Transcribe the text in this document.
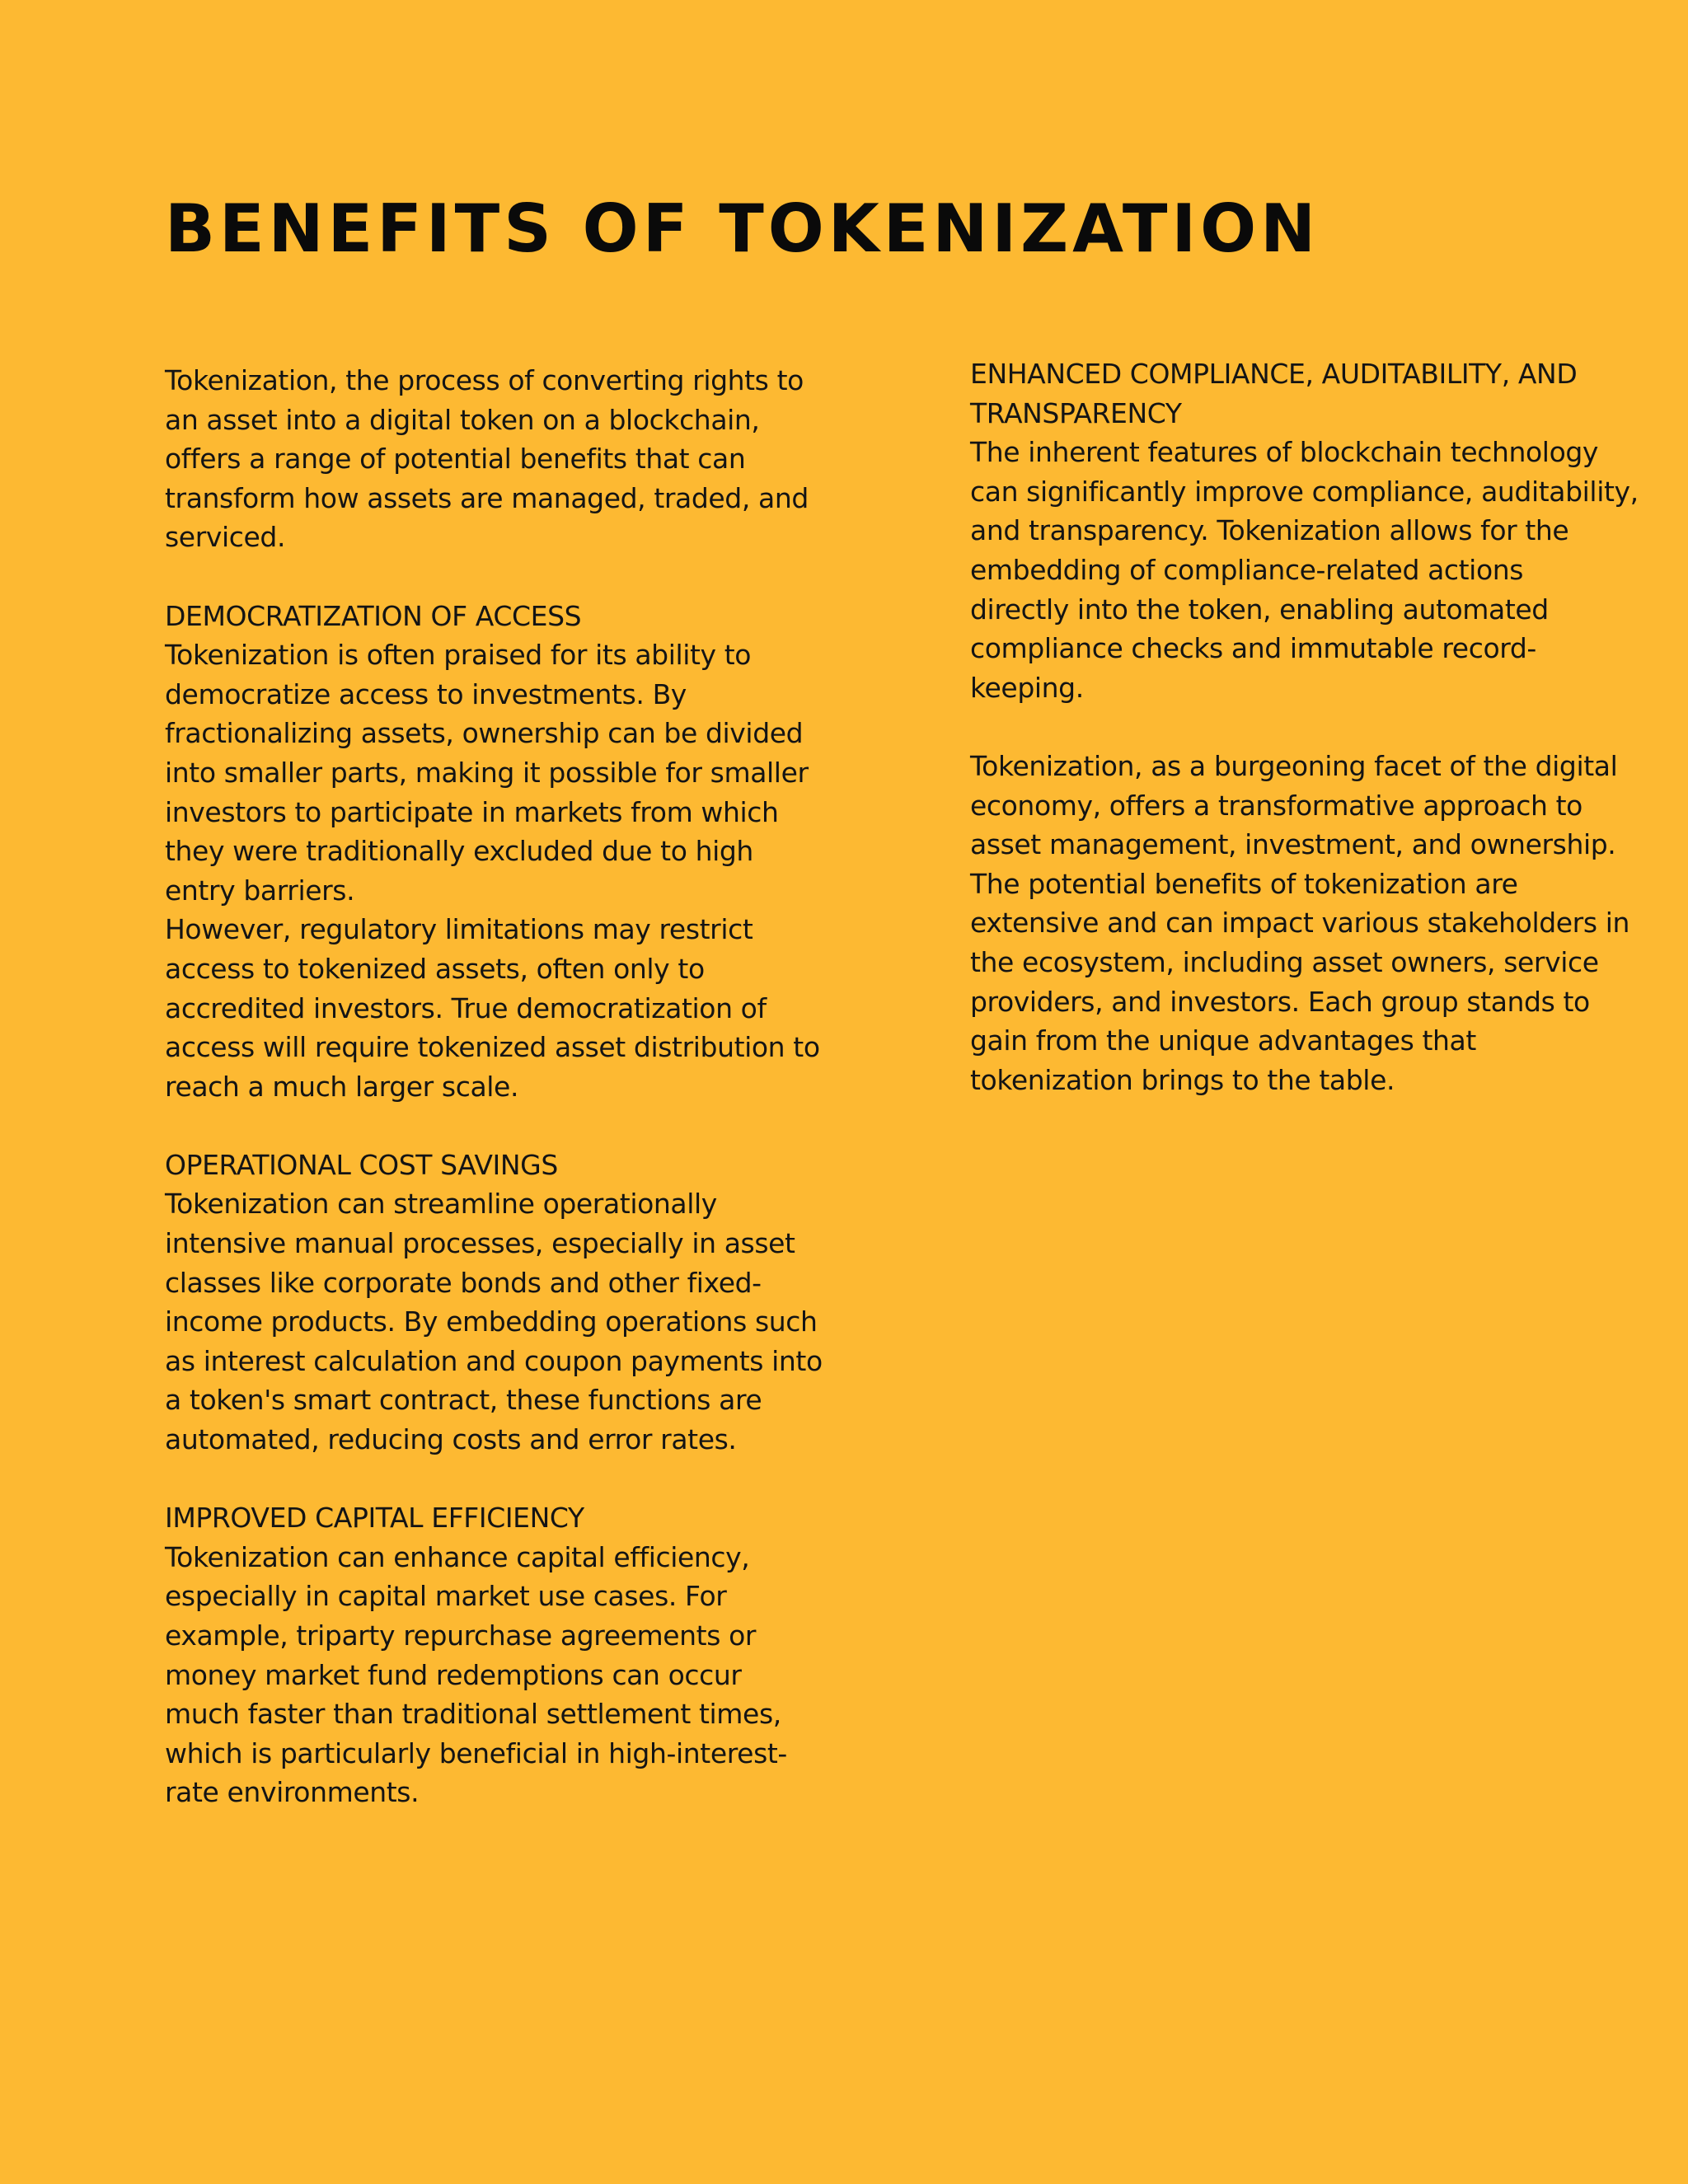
BENEFITS OF TOKENIZATION
Tokenization, the process of converting rights to
an asset into a digital token on a blockchain,
offers a range of potential benefits that can
transform how assets are managed, traded, and
serviced.
DEMOCRATIZATION OF ACCESS
Tokenization is often praised for its ability to
democratize access to investments. By
fractionalizing assets, ownership can be divided
into smaller parts, making it possible for smaller
investors to participate in markets from which
they were traditionally excluded due to high
entry barriers.
However, regulatory limitations may restrict
access to tokenized assets, often only to
accredited investors. True democratization of
access will require tokenized asset distribution to
reach a much larger scale.
OPERATIONAL COST SAVINGS
Tokenization can streamline operationally
intensive manual processes, especially in asset
classes like corporate bonds and other fixed-
income products. By embedding operations such
as interest calculation and coupon payments into
a token's smart contract, these functions are
automated, reducing costs and error rates.
IMPROVED CAPITAL EFFICIENCY
Tokenization can enhance capital efficiency,
especially in capital market use cases. For
example, triparty repurchase agreements or
money market fund redemptions can occur
much faster than traditional settlement times,
which is particularly beneficial in high-interest-
rate environments.
ENHANCED COMPLIANCE, AUDITABILITY, AND
TRANSPARENCY
The inherent features of blockchain technology
can significantly improve compliance, auditability,
and transparency. Tokenization allows for the
embedding of compliance-related actions
directly into the token, enabling automated
compliance checks and immutable record-
keeping.
Tokenization, as a burgeoning facet of the digital
economy, offers a transformative approach to
asset management, investment, and ownership.
The potential benefits of tokenization are
extensive and can impact various stakeholders in
the ecosystem, including asset owners, service
providers, and investors. Each group stands to
gain from the unique advantages that
tokenization brings to the table.
